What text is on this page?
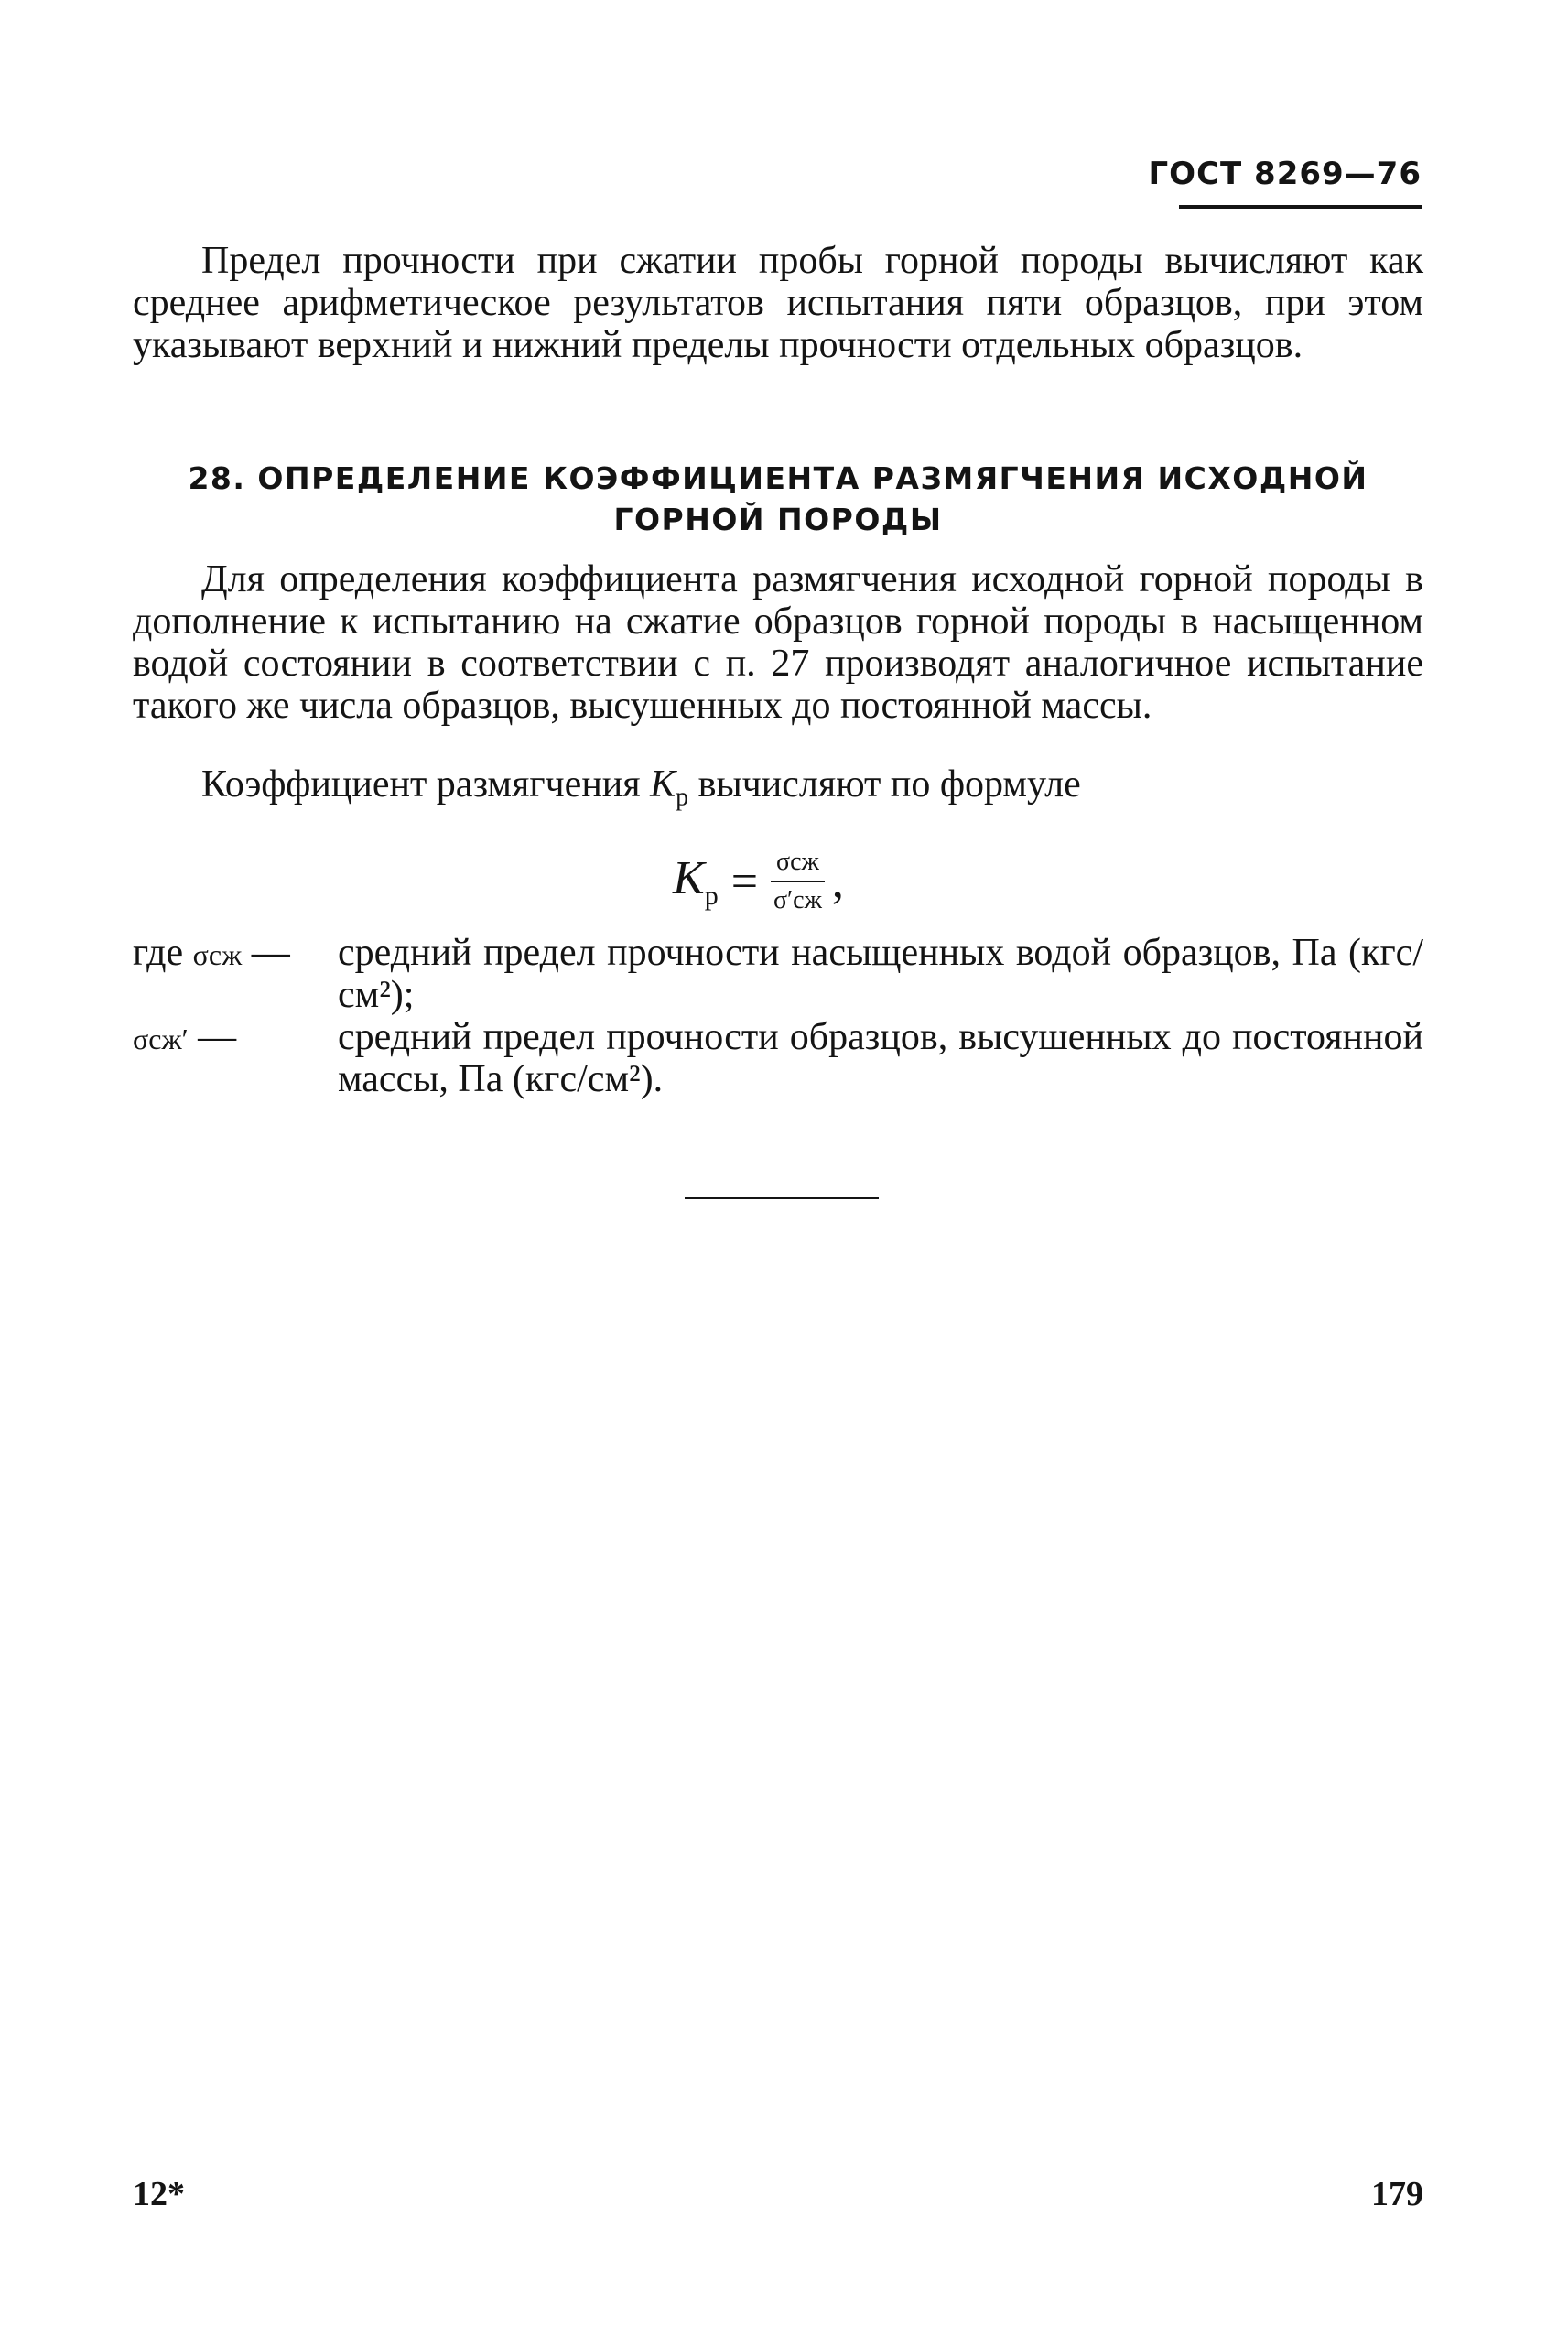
ГОСТ 8269—76
Предел прочности при сжатии пробы горной породы вычисляют как среднее арифметическое результатов испытания пяти образцов, при этом указывают верхний и нижний пределы прочности отдельных образцов.
28. ОПРЕДЕЛЕНИЕ КОЭФФИЦИЕНТА РАЗМЯГЧЕНИЯ ИСХОДНОЙ ГОРНОЙ ПОРОДЫ
Для определения коэффициента размягчения исходной горной породы в дополнение к испытанию на сжатие образцов горной породы в насыщенном водой состоянии в соответствии с п. 27 производят аналогичное испытание такого же числа образцов, высушенных до постоянной массы.
Коэффициент размягчения $K_р$ вычисляют по формуле
$K_р = \frac{\text{σсж}}{\sigma'сж}$ ,
где σсж —	средний предел прочности насыщенных водой образцов, Па (кгс/см²);
σсж′ —	средний предел прочности образцов, высушенных до постоянной массы, Па (кгс/см²).
12*	179
